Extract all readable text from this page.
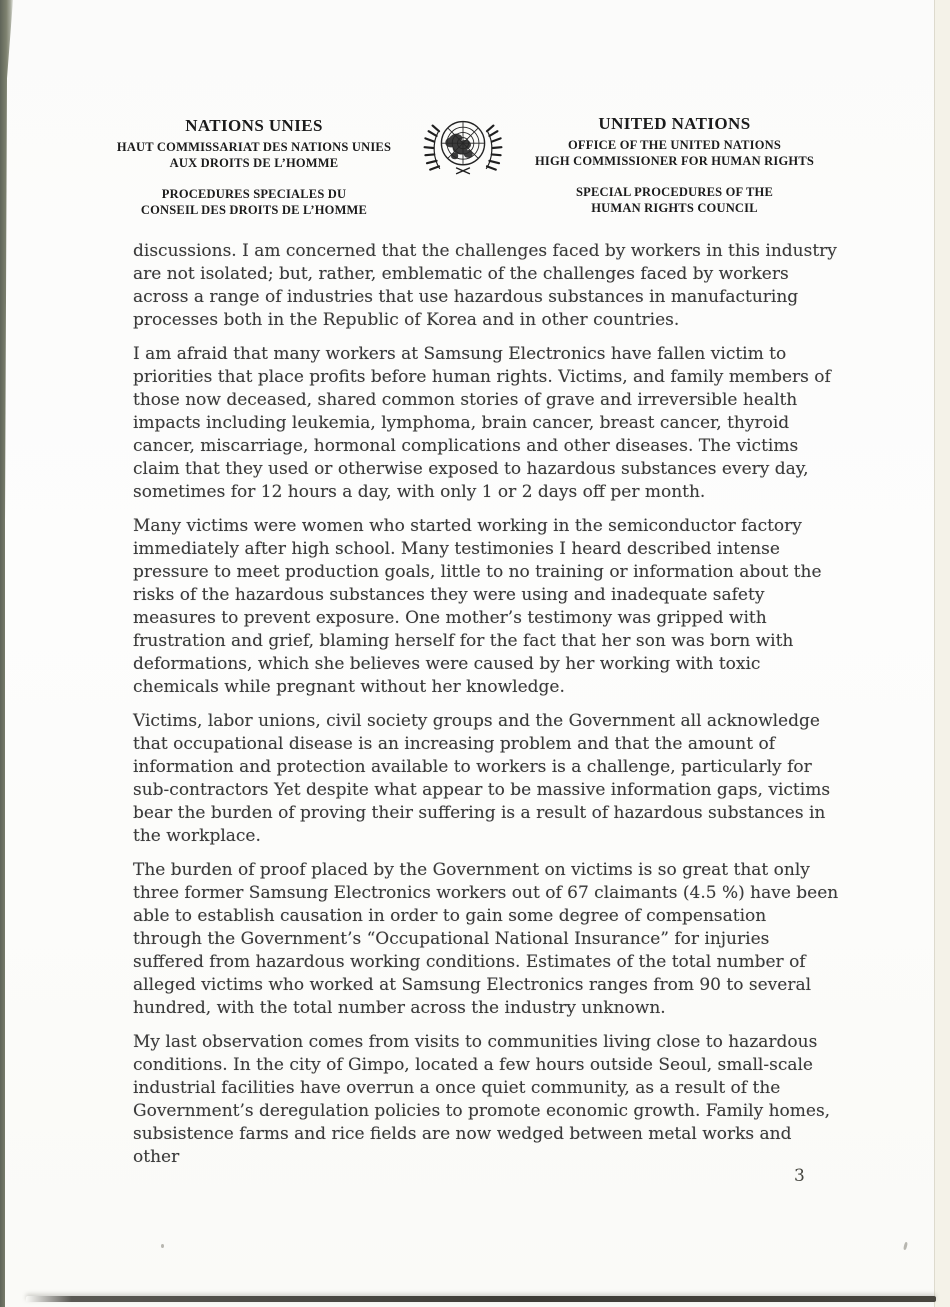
NATIONS UNIES
HAUT COMMISSARIAT DES NATIONS UNIES
AUX DROITS DE L’HOMME
PROCEDURES SPECIALES DU
CONSEIL DES DROITS DE L’HOMME
UNITED NATIONS
OFFICE OF THE UNITED NATIONS
HIGH COMMISSIONER FOR HUMAN RIGHTS
SPECIAL PROCEDURES OF THE
HUMAN RIGHTS COUNCIL

discussions. I am concerned that the challenges faced by workers in this industry are not isolated; but, rather, emblematic of the challenges faced by workers across a range of industries that use hazardous substances in manufacturing processes both in the Republic of Korea and in other countries.

I am afraid that many workers at Samsung Electronics have fallen victim to priorities that place profits before human rights. Victims, and family members of those now deceased, shared common stories of grave and irreversible health impacts including leukemia, lymphoma, brain cancer, breast cancer, thyroid cancer, miscarriage, hormonal complications and other diseases. The victims claim that they used or otherwise exposed to hazardous substances every day, sometimes for 12 hours a day, with only 1 or 2 days off per month.

Many victims were women who started working in the semiconductor factory immediately after high school. Many testimonies I heard described intense pressure to meet production goals, little to no training or information about the risks of the hazardous substances they were using and inadequate safety measures to prevent exposure. One mother’s testimony was gripped with frustration and grief, blaming herself for the fact that her son was born with deformations, which she believes were caused by her working with toxic chemicals while pregnant without her knowledge.

Victims, labor unions, civil society groups and the Government all acknowledge that occupational disease is an increasing problem and that the amount of information and protection available to workers is a challenge, particularly for sub-contractors Yet despite what appear to be massive information gaps, victims bear the burden of proving their suffering is a result of hazardous substances in the workplace.

The burden of proof placed by the Government on victims is so great that only three former Samsung Electronics workers out of 67 claimants (4.5 %) have been able to establish causation in order to gain some degree of compensation through the Government’s “Occupational National Insurance” for injuries suffered from hazardous working conditions. Estimates of the total number of alleged victims who worked at Samsung Electronics ranges from 90 to several hundred, with the total number across the industry unknown.

My last observation comes from visits to communities living close to hazardous conditions. In the city of Gimpo, located a few hours outside Seoul, small-scale industrial facilities have overrun a once quiet community, as a result of the Government’s deregulation policies to promote economic growth. Family homes, subsistence farms and rice fields are now wedged between metal works and other

3
